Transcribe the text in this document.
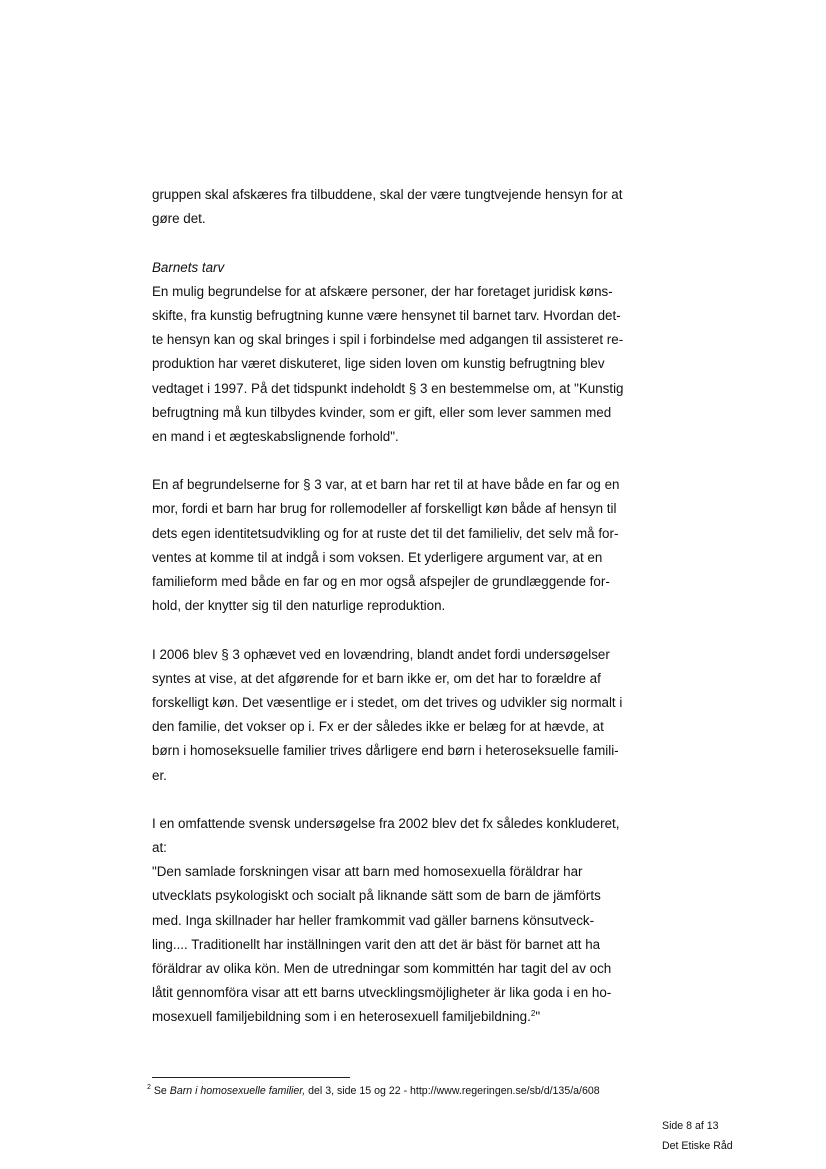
gruppen skal afskæres fra tilbuddene, skal der være tungtvejende hensyn for at
gøre det.
Barnets tarv
En mulig begrundelse for at afskære personer, der har foretaget juridisk køns-
skifte, fra kunstig befrugtning kunne være hensynet til barnet tarv. Hvordan det-
te hensyn kan og skal bringes i spil i forbindelse med adgangen til assisteret re-
produktion har været diskuteret, lige siden loven om kunstig befrugtning blev
vedtaget i 1997. På det tidspunkt indeholdt § 3 en bestemmelse om, at "Kunstig
befrugtning må kun tilbydes kvinder, som er gift, eller som lever sammen med
en mand i et ægteskabslignende forhold".
En af begrundelserne for § 3 var, at et barn har ret til at have både en far og en
mor, fordi et barn har brug for rollemodeller af forskelligt køn både af hensyn til
dets egen identitetsudvikling og for at ruste det til det familieliv, det selv må for-
ventes at komme til at indgå i som voksen. Et yderligere argument var, at en
familieform med både en far og en mor også afspejler de grundlæggende for-
hold, der knytter sig til den naturlige reproduktion.
I 2006 blev § 3 ophævet ved en lovændring, blandt andet fordi undersøgelser
syntes at vise, at det afgørende for et barn ikke er, om det har to forældre af
forskelligt køn. Det væsentlige er i stedet, om det trives og udvikler sig normalt i
den familie, det vokser op i. Fx er der således ikke er belæg for at hævde, at
børn i homoseksuelle familier trives dårligere end børn i heteroseksuelle famili-
er.
I en omfattende svensk undersøgelse fra 2002 blev det fx således konkluderet,
at:
"Den samlade forskningen visar att barn med homosexuella föräldrar har
utvecklats psykologiskt och socialt på liknande sätt som de barn de jämförts
med. Inga skillnader har heller framkommit vad gäller barnens könsutveck-
ling.... Traditionellt har inställningen varit den att det är bäst för barnet att ha
föräldrar av olika kön. Men de utredningar som kommittén har tagit del av och
låtit gennomföra visar att ett barns utvecklingsmöjligheter är lika goda i en ho-
mosexuell familjebildning som i en heterosexuell familjebildning.$^2$"
$^2$ Se Barn i homosexuelle familier, del 3, side 15 og 22 - http://www.regeringen.se/sb/d/135/a/608
Side 8 af 13
Det Etiske Råd
